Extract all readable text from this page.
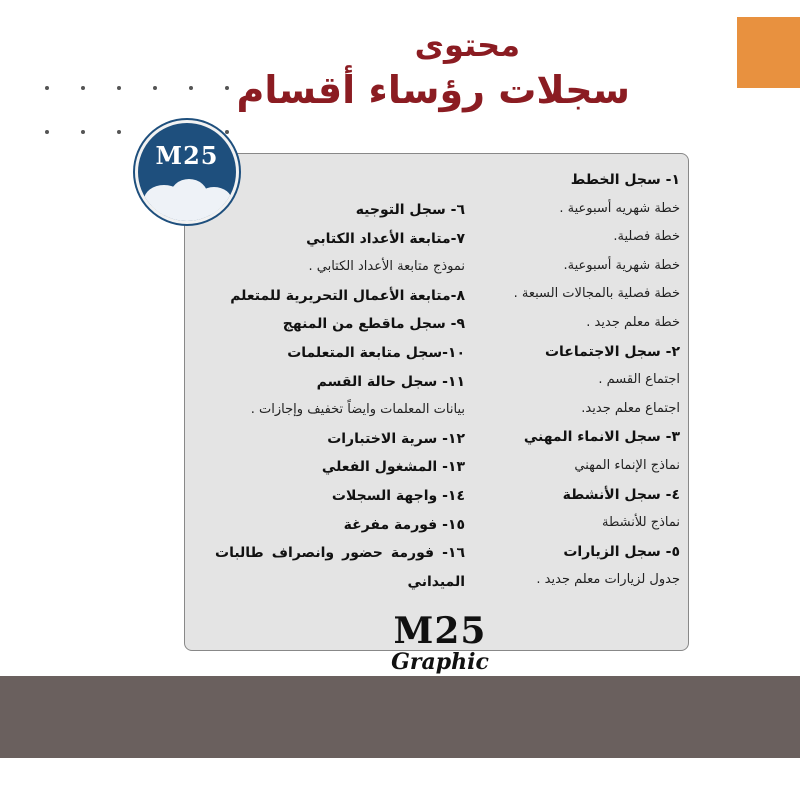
محتوى
سجلات رؤساء أقسام
M25
١- سجل الخطط
خطة شهريه أسبوعية .
خطة فصلية.
خطة شهرية أسبوعية.
خطة فصلية بالمجالات السبعة .
خطة معلم جديد .
٢- سجل الاجتماعات
اجتماع القسم .
اجتماع معلم جديد.
٣- سجل الانماء المهني
نماذج الإنماء المهني
٤- سجل الأنشطة
نماذج للأنشطة
٥- سجل الزيارات
جدول لزيارات معلم جديد .
٦- سجل التوجيه
٧-متابعة الأعداد الكتابي
نموذج متابعة الأعداد الكتابي .
٨-متابعة الأعمال التحريرية للمتعلم
٩- سجل ماقطع من المنهج
١٠-سجل متابعة المتعلمات
١١- سجل حالة القسم
بيانات المعلمات وايضاً تخفيف وإجازات .
١٢- سرية الاختبارات
١٣- المشغول الفعلي
١٤- واجهة السجلات
١٥- فورمة مفرغة
١٦- فورمة حضور وانصراف طالبات
الميداني
M25
Graphic
